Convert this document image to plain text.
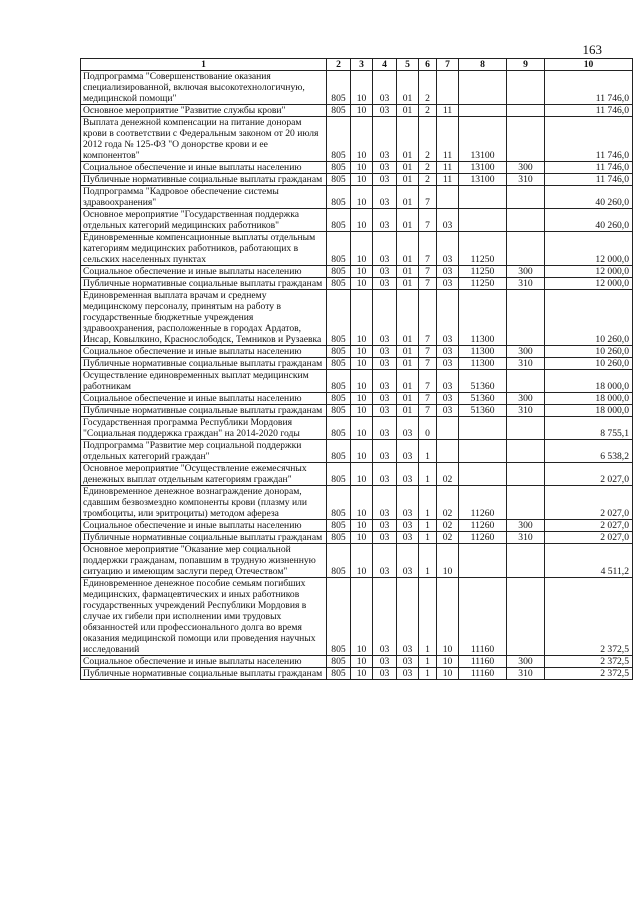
163
1	2	3	4	5	6	7	8	9	10
Подпрограмма "Совершенствование оказания специализированной, включая высокотехнологичную, медицинской помощи"	805	10	03	01	2				11 746,0
Основное мероприятие "Развитие службы крови"	805	10	03	01	2	11			11 746,0
Выплата денежной компенсации на питание донорам крови в соответствии с Федеральным законом от 20 июля 2012 года № 125-ФЗ "О донорстве крови и ее компонентов"	805	10	03	01	2	11	13100		11 746,0
Социальное обеспечение и иные выплаты населению	805	10	03	01	2	11	13100	300	11 746,0
Публичные нормативные социальные выплаты гражданам	805	10	03	01	2	11	13100	310	11 746,0
Подпрограмма "Кадровое обеспечение системы здравоохранения"	805	10	03	01	7				40 260,0
Основное мероприятие "Государственная поддержка отдельных категорий медицинских работников"	805	10	03	01	7	03			40 260,0
Единовременные компенсационные выплаты отдельным категориям медицинских работников, работающих в сельских населенных пунктах	805	10	03	01	7	03	11250		12 000,0
Социальное обеспечение и иные выплаты населению	805	10	03	01	7	03	11250	300	12 000,0
Публичные нормативные социальные выплаты гражданам	805	10	03	01	7	03	11250	310	12 000,0
Единовременная выплата врачам и среднему медицинскому персоналу, принятым на работу в государственные бюджетные учреждения здравоохранения, расположенные в городах Ардатов, Инсар, Ковылкино, Краснослободск, Темников и Рузаевка	805	10	03	01	7	03	11300		10 260,0
Социальное обеспечение и иные выплаты населению	805	10	03	01	7	03	11300	300	10 260,0
Публичные нормативные социальные выплаты гражданам	805	10	03	01	7	03	11300	310	10 260,0
Осуществление единовременных выплат медицинским работникам	805	10	03	01	7	03	51360		18 000,0
Социальное обеспечение и иные выплаты населению	805	10	03	01	7	03	51360	300	18 000,0
Публичные нормативные социальные выплаты гражданам	805	10	03	01	7	03	51360	310	18 000,0
Государственная программа Республики Мордовия "Социальная поддержка граждан" на 2014-2020 годы	805	10	03	03	0				8 755,1
Подпрограмма "Развитие мер социальной поддержки отдельных категорий граждан"	805	10	03	03	1				6 538,2
Основное мероприятие "Осуществление ежемесячных денежных выплат отдельным категориям граждан"	805	10	03	03	1	02			2 027,0
Единовременное денежное вознаграждение донорам, сдавшим безвозмездно компоненты крови (плазму или тромбоциты, или эритроциты) методом афереза	805	10	03	03	1	02	11260		2 027,0
Социальное обеспечение и иные выплаты населению	805	10	03	03	1	02	11260	300	2 027,0
Публичные нормативные социальные выплаты гражданам	805	10	03	03	1	02	11260	310	2 027,0
Основное мероприятие "Оказание мер социальной поддержки гражданам, попавшим в трудную жизненную ситуацию и имеющим заслуги перед Отечеством"	805	10	03	03	1	10			4 511,2
Единовременное денежное пособие семьям погибших медицинских, фармацевтических и иных работников государственных учреждений Республики Мордовия в случае их гибели при исполнении ими трудовых обязанностей или профессионального долга во время оказания медицинской помощи или проведения научных исследований	805	10	03	03	1	10	11160		2 372,5
Социальное обеспечение и иные выплаты населению	805	10	03	03	1	10	11160	300	2 372,5
Публичные нормативные социальные выплаты гражданам	805	10	03	03	1	10	11160	310	2 372,5
